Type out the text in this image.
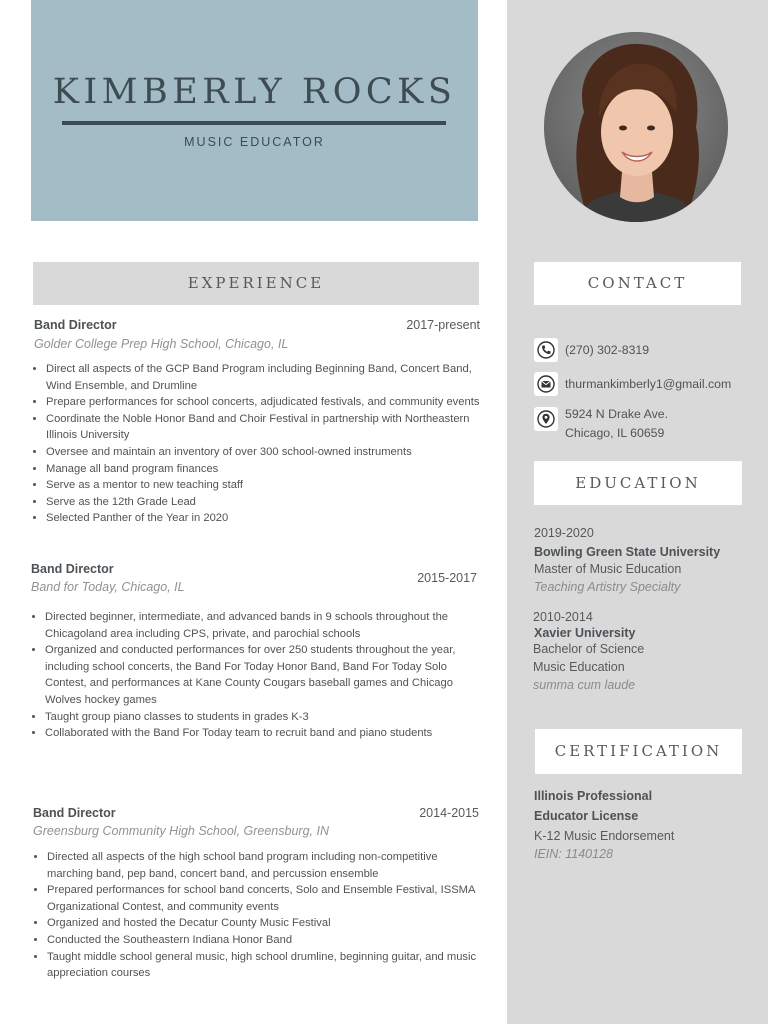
KIMBERLY ROCKS
MUSIC EDUCATOR
EXPERIENCE
Band Director	2017-present
Golder College Prep High School, Chicago, IL
• Direct all aspects of the GCP Band Program including Beginning Band, Concert Band, Wind Ensemble, and Drumline
• Prepare performances for school concerts, adjudicated festivals, and community events
• Coordinate the Noble Honor Band and Choir Festival in partnership with Northeastern Illinois University
• Oversee and maintain an inventory of over 300 school-owned instruments
• Manage all band program finances
• Serve as a mentor to new teaching staff
• Serve as the 12th Grade Lead
• Selected Panther of the Year in 2020
Band Director
2015-2017
Band for Today, Chicago, IL
• Directed beginner, intermediate, and advanced bands in 9 schools throughout the Chicagoland area including CPS, private, and parochial schools
• Organized and conducted performances for over 250 students throughout the year, including school concerts, the Band For Today Honor Band, Band For Today Solo Contest, and performances at Kane County Cougars baseball games and Chicago Wolves hockey games
• Taught group piano classes to students in grades K-3
• Collaborated with the Band For Today team to recruit band and piano students
Band Director	2014-2015
Greensburg Community High School, Greensburg, IN
• Directed all aspects of the high school band program including non-competitive marching band, pep band, concert band, and percussion ensemble
• Prepared performances for school band concerts, Solo and Ensemble Festival, ISSMA Organizational Contest, and community events
• Organized and hosted the Decatur County Music Festival
• Conducted the Southeastern Indiana Honor Band
• Taught middle school general music, high school drumline, beginning guitar, and music appreciation courses
CONTACT
(270) 302-8319
thurmankimberly1@gmail.com
5924 N Drake Ave.
Chicago, IL 60659
EDUCATION
2019-2020
Bowling Green State University
Master of Music Education
Teaching Artistry Specialty
2010-2014
Xavier University
Bachelor of Science
Music Education
summa cum laude
CERTIFICATION
Illinois Professional
Educator License
K-12 Music Endorsement
IEIN: 1140128
